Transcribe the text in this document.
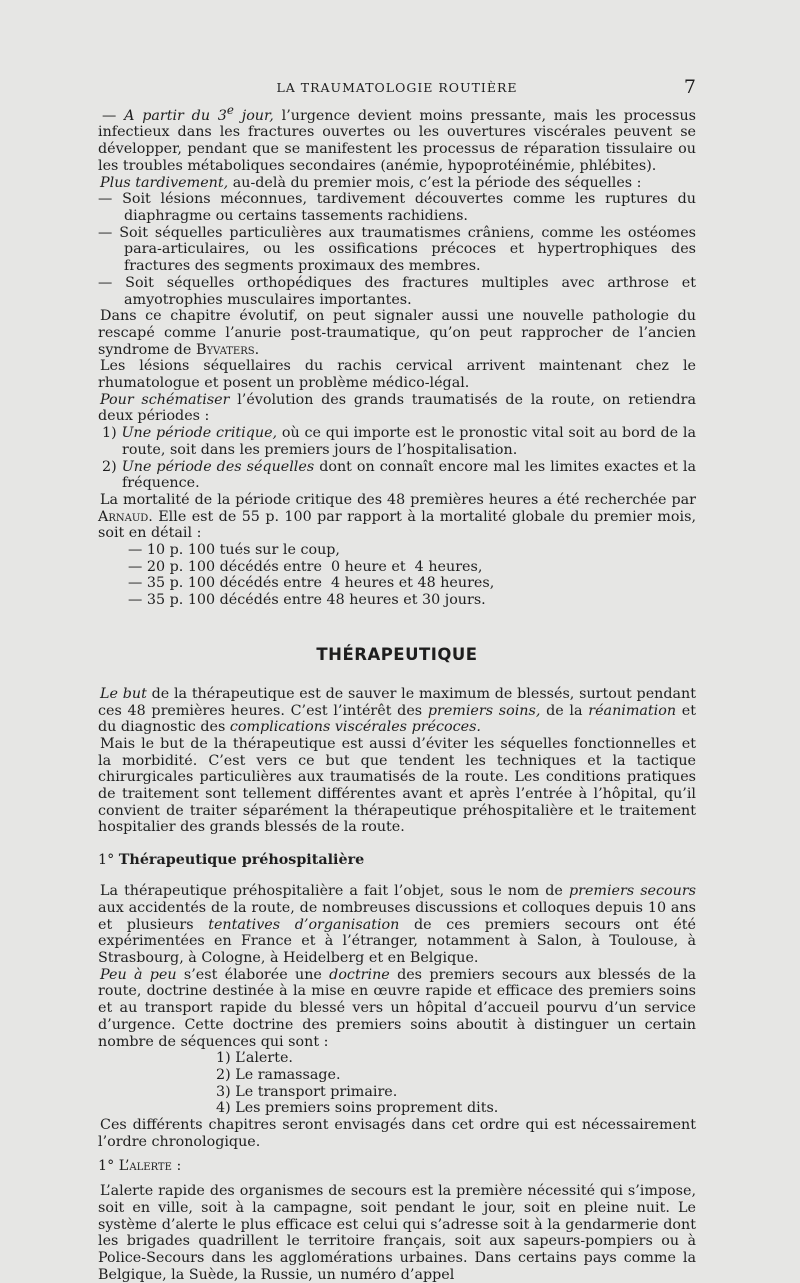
LA TRAUMATOLOGIE ROUTIÈRE	7

— A partir du 3e jour, l’urgence devient moins pressante, mais les processus infectieux dans les fractures ouvertes ou les ouvertures viscérales peuvent se développer, pendant que se manifestent les processus de réparation tissulaire ou les troubles métaboliques secondaires (anémie, hypoprotéinémie, phlébites).

Plus tardivement, au-delà du premier mois, c’est la période des séquelles :

— Soit lésions méconnues, tardivement découvertes comme les ruptures du diaphragme ou certains tassements rachidiens.

— Soit séquelles particulières aux traumatismes crâniens, comme les ostéomes para-articulaires, ou les ossifications précoces et hypertrophiques des fractures des segments proximaux des membres.

— Soit séquelles orthopédiques des fractures multiples avec arthrose et amyotrophies musculaires importantes.

Dans ce chapitre évolutif, on peut signaler aussi une nouvelle pathologie du rescapé comme l’anurie post-traumatique, qu’on peut rapprocher de l’ancien syndrome de Byvaters.

Les lésions séquellaires du rachis cervical arrivent maintenant chez le rhumatologue et posent un problème médico-légal.

Pour schématiser l’évolution des grands traumatisés de la route, on retiendra deux périodes :

1) Une période critique, où ce qui importe est le pronostic vital soit au bord de la route, soit dans les premiers jours de l’hospitalisation.

2) Une période des séquelles dont on connaît encore mal les limites exactes et la fréquence.

La mortalité de la période critique des 48 premières heures a été recherchée par Arnaud. Elle est de 55 p. 100 par rapport à la mortalité globale du premier mois, soit en détail :

— 10 p. 100 tués sur le coup,

— 20 p. 100 décédés entre  0 heure et  4 heures,

— 35 p. 100 décédés entre  4 heures et 48 heures,

— 35 p. 100 décédés entre 48 heures et 30 jours.

THÉRAPEUTIQUE

Le but de la thérapeutique est de sauver le maximum de blessés, surtout pendant ces 48 premières heures. C’est l’intérêt des premiers soins, de la réanimation et du diagnostic des complications viscérales précoces.

Mais le but de la thérapeutique est aussi d’éviter les séquelles fonctionnelles et la morbidité. C’est vers ce but que tendent les techniques et la tactique chirurgicales particulières aux traumatisés de la route. Les conditions pratiques de traitement sont tellement différentes avant et après l’entrée à l’hôpital, qu’il convient de traiter séparément la thérapeutique préhospitalière et le traitement hospitalier des grands blessés de la route.

1° Thérapeutique préhospitalière

La thérapeutique préhospitalière a fait l’objet, sous le nom de premiers secours aux accidentés de la route, de nombreuses discussions et colloques depuis 10 ans et plusieurs tentatives d’organisation de ces premiers secours ont été expérimentées en France et à l’étranger, notamment à Salon, à Toulouse, à Strasbourg, à Cologne, à Heidelberg et en Belgique.

Peu à peu s’est élaborée une doctrine des premiers secours aux blessés de la route, doctrine destinée à la mise en œuvre rapide et efficace des premiers soins et au transport rapide du blessé vers un hôpital d’accueil pourvu d’un service d’urgence. Cette doctrine des premiers soins aboutit à distinguer un certain nombre de séquences qui sont :

1) L’alerte.

2) Le ramassage.

3) Le transport primaire.

4) Les premiers soins proprement dits.

Ces différents chapitres seront envisagés dans cet ordre qui est nécessairement l’ordre chronologique.

1° L’alerte :

L’alerte rapide des organismes de secours est la première nécessité qui s’impose, soit en ville, soit à la campagne, soit pendant le jour, soit en pleine nuit. Le système d’alerte le plus efficace est celui qui s’adresse soit à la gendarmerie dont les brigades quadrillent le territoire français, soit aux sapeurs-pompiers ou à Police-Secours dans les agglomérations urbaines. Dans certains pays comme la Belgique, la Suède, la Russie, un numéro d’appel
